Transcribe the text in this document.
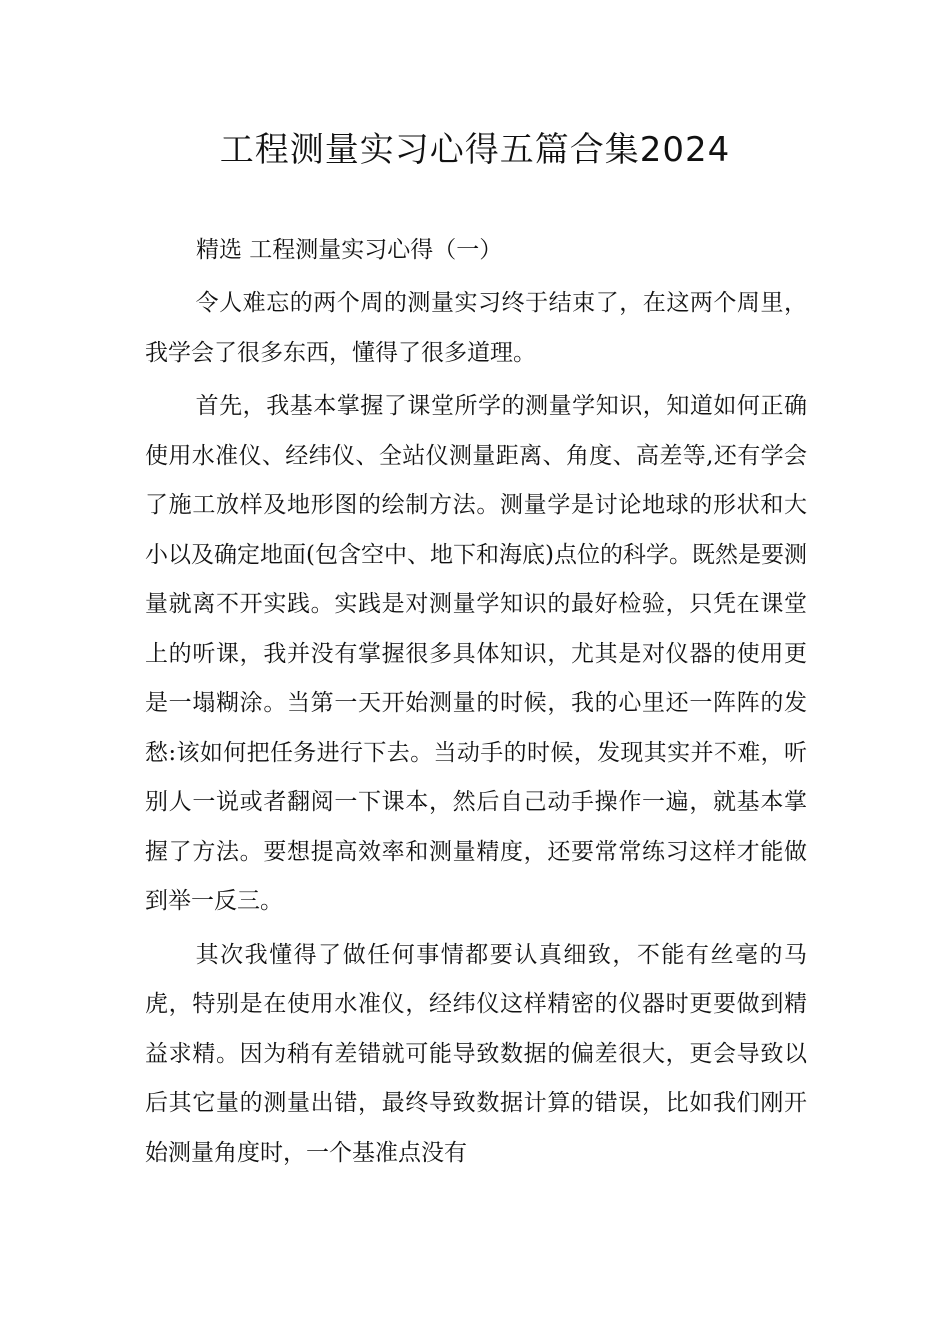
工程测量实习心得五篇合集2024

精选 工程测量实习心得（一）

令人难忘的两个周的测量实习终于结束了，在这两个周里，我学会了很多东西，懂得了很多道理。

首先，我基本掌握了课堂所学的测量学知识，知道如何正确使用水准仪、经纬仪、全站仪测量距离、角度、高差等,还有学会了施工放样及地形图的绘制方法。测量学是讨论地球的形状和大小以及确定地面(包含空中、地下和海底)点位的科学。既然是要测量就离不开实践。实践是对测量学知识的最好检验，只凭在课堂上的听课，我并没有掌握很多具体知识，尤其是对仪器的使用更是一塌糊涂。当第一天开始测量的时候，我的心里还一阵阵的发愁:该如何把任务进行下去。当动手的时候，发现其实并不难，听别人一说或者翻阅一下课本，然后自己动手操作一遍，就基本掌握了方法。要想提高效率和测量精度，还要常常练习这样才能做到举一反三。

其次我懂得了做任何事情都要认真细致，不能有丝毫的马虎，特别是在使用水准仪，经纬仪这样精密的仪器时更要做到精益求精。因为稍有差错就可能导致数据的偏差很大，更会导致以后其它量的测量出错，最终导致数据计算的错误，比如我们刚开始测量角度时，一个基准点没有
